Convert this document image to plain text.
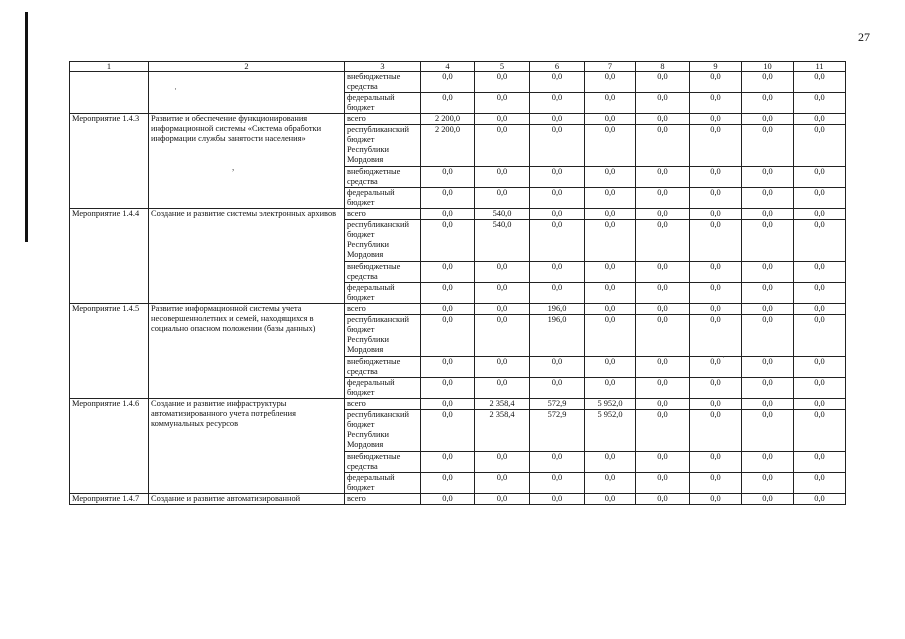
27
1	2	3	4	5	6	7	8	9	10	11
		внебюджетные средства	0,0	0,0	0,0	0,0	0,0	0,0	0,0	0,0
		федеральный бюджет	0,0	0,0	0,0	0,0	0,0	0,0	0,0	0,0
Мероприятие 1.4.3	Развитие и обеспечение функционирования информационной системы «Система обработки информации службы занятости населения»	всего	2 200,0	0,0	0,0	0,0	0,0	0,0	0,0	0,0
		республиканский бюджет Республики Мордовия	2 200,0	0,0	0,0	0,0	0,0	0,0	0,0	0,0
		внебюджетные средства	0,0	0,0	0,0	0,0	0,0	0,0	0,0	0,0
		федеральный бюджет	0,0	0,0	0,0	0,0	0,0	0,0	0,0	0,0
Мероприятие 1.4.4	Создание и развитие системы электронных архивов	всего	0,0	540,0	0,0	0,0	0,0	0,0	0,0	0,0
		республиканский бюджет Республики Мордовия	0,0	540,0	0,0	0,0	0,0	0,0	0,0	0,0
		внебюджетные средства	0,0	0,0	0,0	0,0	0,0	0,0	0,0	0,0
		федеральный бюджет	0,0	0,0	0,0	0,0	0,0	0,0	0,0	0,0
Мероприятие 1.4.5	Развитие информационной системы учета несовершеннолетних и семей, находящихся в социально опасном положении (базы данных)	всего	0,0	0,0	196,0	0,0	0,0	0,0	0,0	0,0
		республиканский бюджет Республики Мордовия	0,0	0,0	196,0	0,0	0,0	0,0	0,0	0,0
		внебюджетные средства	0,0	0,0	0,0	0,0	0,0	0,0	0,0	0,0
		федеральный бюджет	0,0	0,0	0,0	0,0	0,0	0,0	0,0	0,0
Мероприятие 1.4.6	Создание и развитие инфраструктуры автоматизированного учета потребления коммунальных ресурсов	всего	0,0	2 358,4	572,9	5 952,0	0,0	0,0	0,0	0,0
		республиканский бюджет Республики Мордовия	0,0	2 358,4	572,9	5 952,0	0,0	0,0	0,0	0,0
		внебюджетные средства	0,0	0,0	0,0	0,0	0,0	0,0	0,0	0,0
		федеральный бюджет	0,0	0,0	0,0	0,0	0,0	0,0	0,0	0,0
Мероприятие 1.4.7	Создание и развитие автоматизированной	всего	0,0	0,0	0,0	0,0	0,0	0,0	0,0	0,0
·
,
·
